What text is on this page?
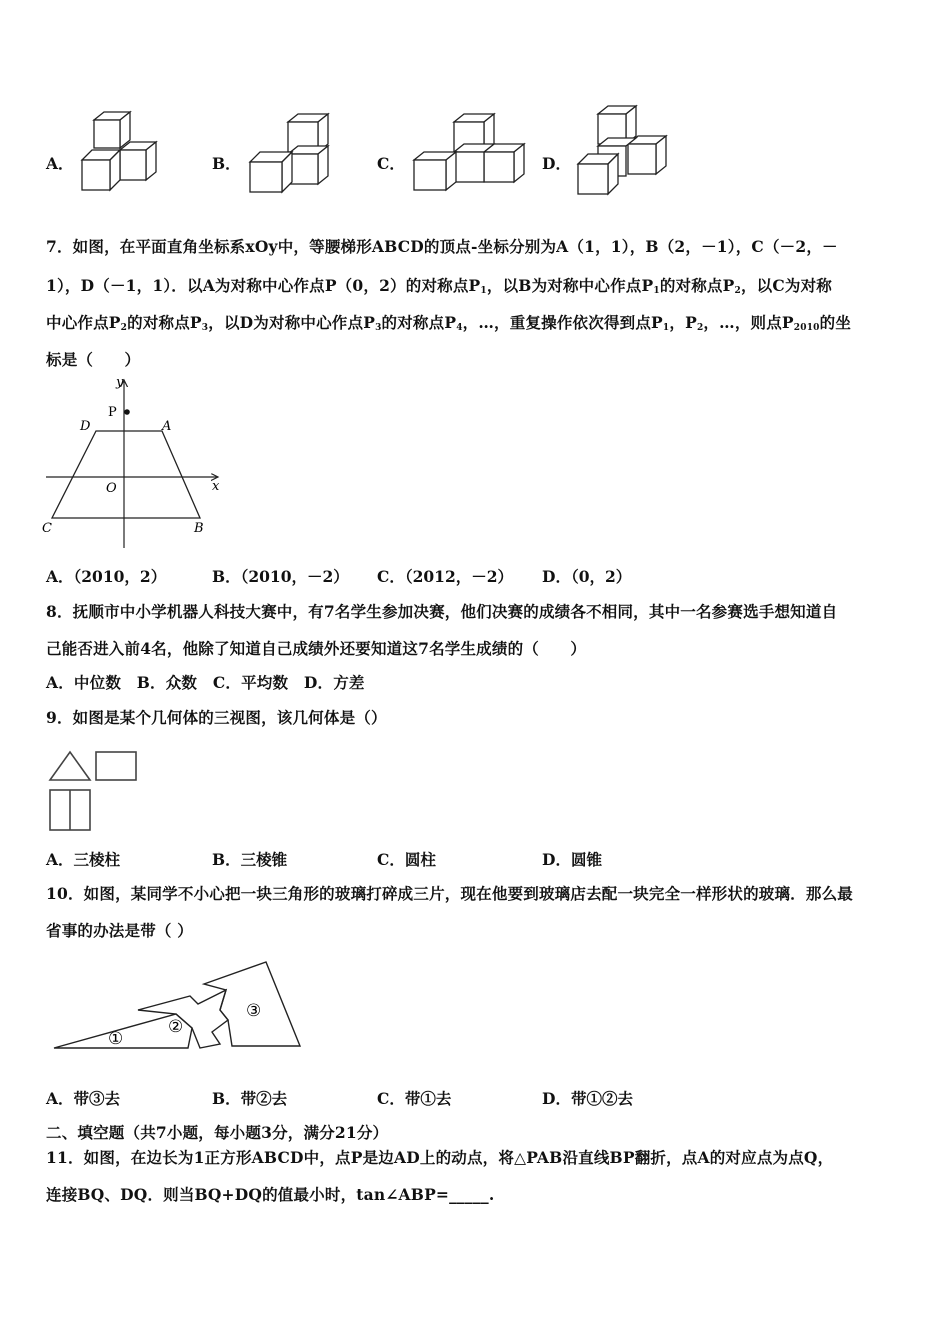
A．	B．	C．	D．
7．如图，在平面直角坐标系xOy中，等腰梯形ABCD的顶点-坐标分别为A（1，1），B（2，－1），C（－2，－
1），D（－1，1）．以A为对称中心作点P（0，2）的对称点$P_1$，以B为对称中心作点$P_1$的对称点$P_2$，以C为对称
中心作点$P_2$的对称点$P_3$，以D为对称中心作点$P_3$的对称点$P_4$，…，重复操作依次得到点$P_1$，$P_2$，…，则点$P_{2010}$的坐
标是（　　）
y
x
P
D	A
O
C	B
A．（2010，2）	B．（2010，－2） C．（2012，－2） D．（0，2）
8．抚顺市中小学机器人科技大赛中，有7名学生参加决赛，他们决赛的成绩各不相同，其中一名参赛选手想知道自
己能否进入前4名，他除了知道自己成绩外还要知道这7名学生成绩的（　　）
A．中位数　B．众数　C．平均数　D．方差
9．如图是某个几何体的三视图，该几何体是（）
A．三棱柱	B．三棱锥	C．圆柱	D．圆锥
10．如图，某同学不小心把一块三角形的玻璃打碎成三片，现在他要到玻璃店去配一块完全一样形状的玻璃．那么最
省事的办法是带（ ）
①
②
③
A．带③去	B．带②去	C．带①去	D．带①②去
二、填空题（共7小题，每小题3分，满分21分）
11．如图，在边长为1正方形ABCD中，点P是边AD上的动点，将△PAB沿直线BP翻折，点A的对应点为点Q，
连接BQ、DQ．则当BQ+DQ的值最小时，tan∠ABP=_____.
